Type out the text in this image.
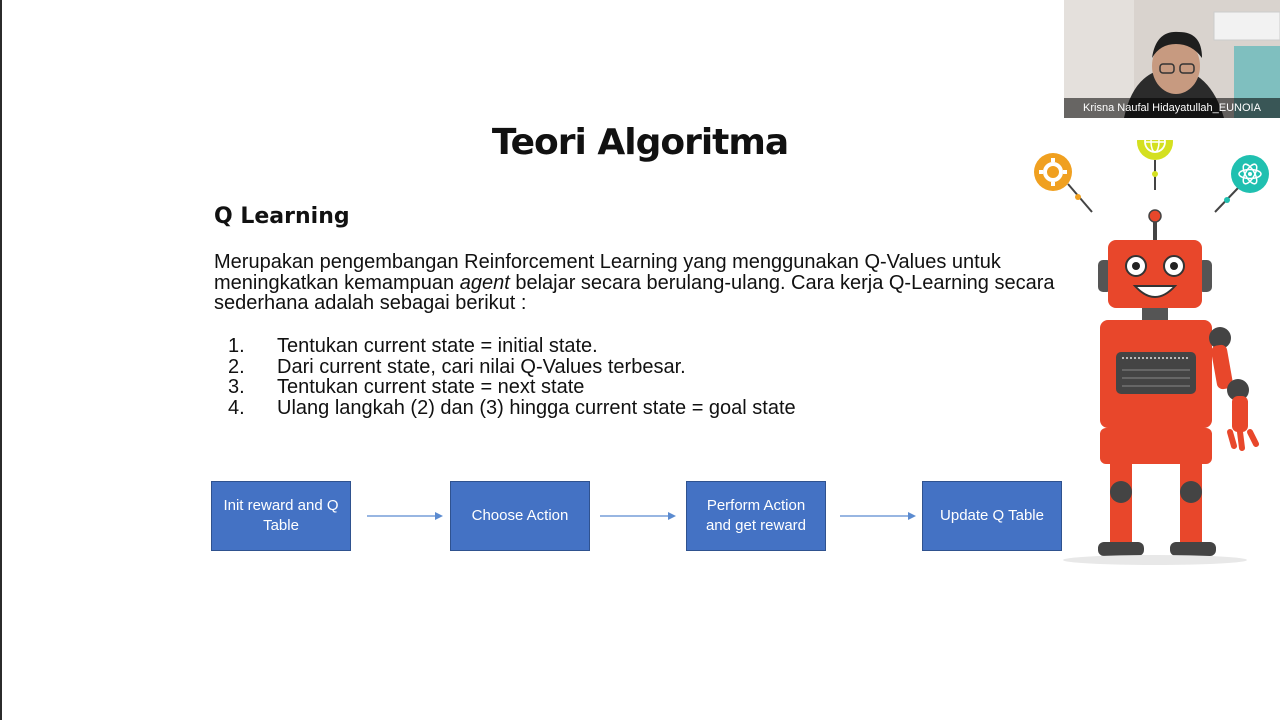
Teori Algoritma
Q Learning
Merupakan pengembangan Reinforcement Learning yang menggunakan Q-Values untuk meningkatkan kemampuan agent belajar secara berulang-ulang. Cara kerja Q-Learning secara sederhana adalah sebagai berikut :
1.	Tentukan current state = initial state.
2.	Dari current state, cari nilai Q-Values terbesar.
3.	Tentukan current state = next state
4.	Ulang langkah (2) dan (3) hingga current state = goal state
Init reward and Q Table
Choose Action
Perform Action and get reward
Update Q Table
Krisna Naufal Hidayatullah_EUNOIA
